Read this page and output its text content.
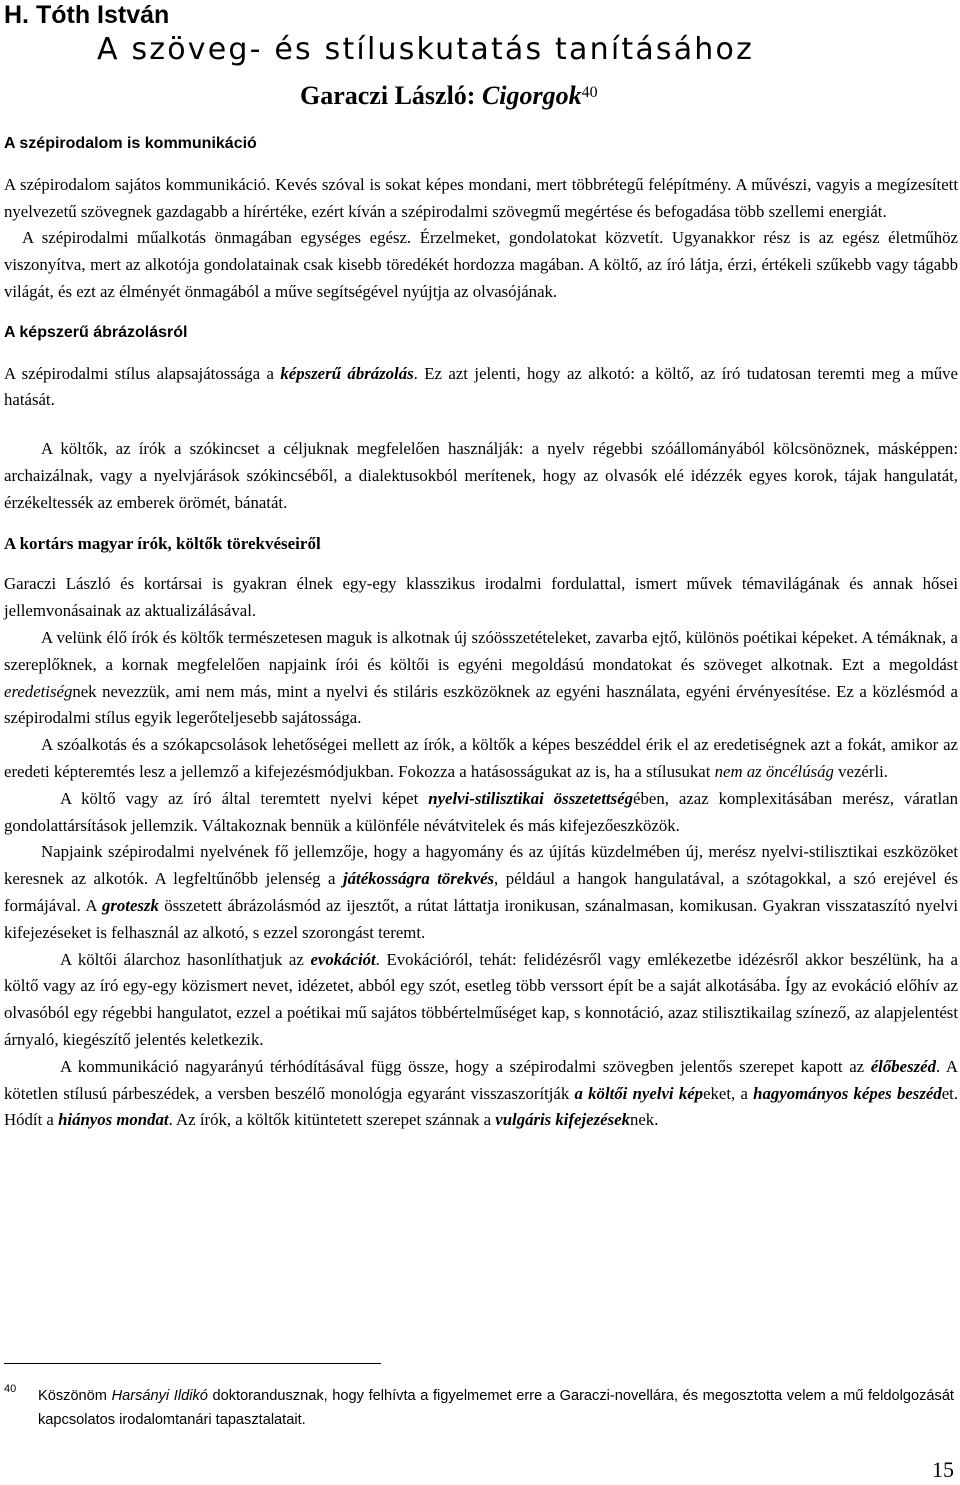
H. Tóth István
A szöveg- és stíluskutatás tanításához
Garaczi László: Cigorgok$^{40}$

A szépirodalom is kommunikáció

A szépirodalom sajátos kommunikáció. Kevés szóval is sokat képes mondani, mert többrétegű felépítmény. A művészi, vagyis a megízesített nyelvezetű szövegnek gazdagabb a hírértéke, ezért kíván a szépirodalmi szövegmű megértése és befogadása több szellemi energiát.

A szépirodalmi műalkotás önmagában egységes egész. Érzelmeket, gondolatokat közvetít. Ugyanakkor rész is az egész életműhöz viszonyítva, mert az alkotója gondolatainak csak kisebb töredékét hordozza magában. A költő, az író látja, érzi, értékeli szűkebb vagy tágabb világát, és ezt az élményét önmagából a műve segítségével nyújtja az olvasójának.

A képszerű ábrázolásról

A szépirodalmi stílus alapsajátossága a képszerű ábrázolás. Ez azt jelenti, hogy az alkotó: a költő, az író tudatosan teremti meg a műve hatását.

A költők, az írók a szókincset a céljuknak megfelelően használják: a nyelv régebbi szóállományából kölcsönöznek, másképpen: archaizálnak, vagy a nyelvjárások szókincséből, a dialektusokból merítenek, hogy az olvasók elé idézzék egyes korok, tájak hangulatát, érzékeltessék az emberek örömét, bánatát.

A kortárs magyar írók, költők törekvéseiről

Garaczi László és kortársai is gyakran élnek egy-egy klasszikus irodalmi fordulattal, ismert művek témavilágának és annak hősei jellemvonásainak az aktualizálásával.

A velünk élő írók és költők természetesen maguk is alkotnak új szóösszetételeket, zavarba ejtő, különös poétikai képeket. A témáknak, a szereplőknek, a kornak megfelelően napjaink írói és költői is egyéni megoldású mondatokat és szöveget alkotnak. Ezt a megoldást eredetiségnek nevezzük, ami nem más, mint a nyelvi és stiláris eszközöknek az egyéni használata, egyéni érvényesítése. Ez a közlésmód a szépirodalmi stílus egyik legerőteljesebb sajátossága.

A szóalkotás és a szókapcsolások lehetőségei mellett az írók, a költők a képes beszéddel érik el az eredetiségnek azt a fokát, amikor az eredeti képteremtés lesz a jellemző a kifejezésmódjukban. Fokozza a hatásosságukat az is, ha a stílusukat nem az öncélúság vezérli.

A költő vagy az író által teremtett nyelvi képet nyelvi-stilisztikai összetettségében, azaz komplexitásában merész, váratlan gondolattársítások jellemzik. Váltakoznak bennük a különféle névátvitelek és más kifejezőeszközök.

Napjaink szépirodalmi nyelvének fő jellemzője, hogy a hagyomány és az újítás küzdelmében új, merész nyelvi-stilisztikai eszközöket keresnek az alkotók. A legfeltűnőbb jelenség a játékosságra törekvés, például a hangok hangulatával, a szótagokkal, a szó erejével és formájával. A groteszk összetett ábrázolásmód az ijesztőt, a rútat láttatja ironikusan, szánalmasan, komikusan. Gyakran visszataszító nyelvi kifejezéseket is felhasznál az alkotó, s ezzel szorongást teremt.

A költői álarchoz hasonlíthatjuk az evokációt. Evokációról, tehát: felidézésről vagy emlékezetbe idézésről akkor beszélünk, ha a költő vagy az író egy-egy közismert nevet, idézetet, abból egy szót, esetleg több verssort épít be a saját alkotásába. Így az evokáció előhív az olvasóból egy régebbi hangulatot, ezzel a poétikai mű sajátos többértelműséget kap, s konnotáció, azaz stilisztikailag színező, az alapjelentést árnyaló, kiegészítő jelentés keletkezik.

A kommunikáció nagyarányú térhódításával függ össze, hogy a szépirodalmi szövegben jelentős szerepet kapott az élőbeszéd. A kötetlen stílusú párbeszédek, a versben beszélő monológja egyaránt visszaszorítják a költői nyelvi képeket, a hagyományos képes beszédet. Hódít a hiányos mondat. Az írók, a költők kitüntetett szerepet szánnak a vulgáris kifejezéseknek.

40 Köszönöm Harsányi Ildikó doktorandusznak, hogy felhívta a figyelmemet erre a Garaczi-novellára, és megosztotta velem a mű feldolgozását kapcsolatos irodalomtanári tapasztalatait.

15
